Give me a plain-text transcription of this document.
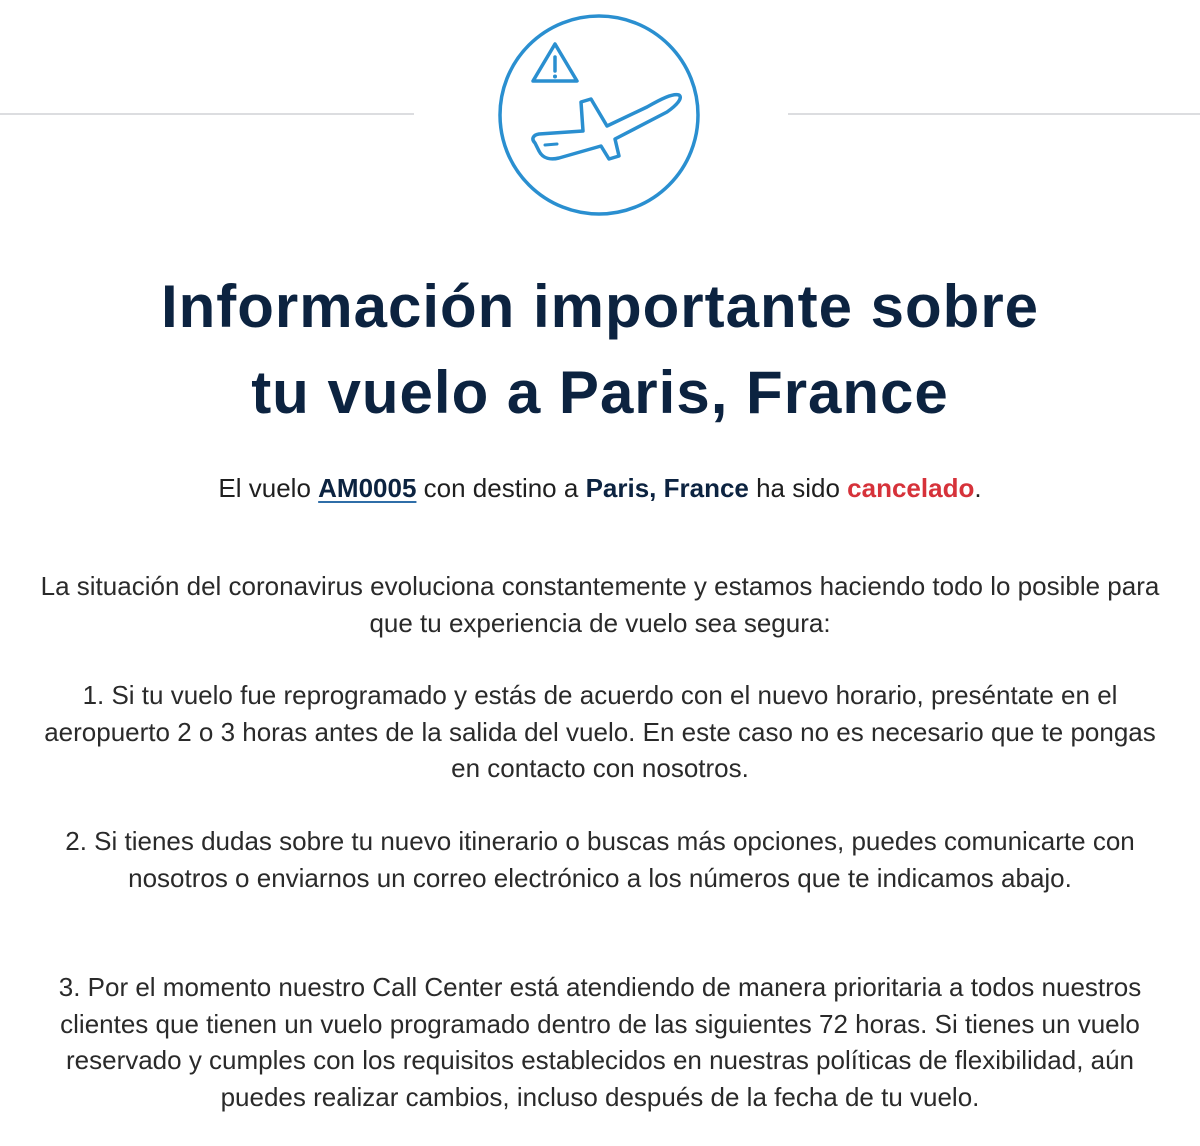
Información importante sobre
tu vuelo a Paris, France

El vuelo AM0005 con destino a Paris, France ha sido cancelado.

La situación del coronavirus evoluciona constantemente y estamos haciendo todo lo posible para que tu experiencia de vuelo sea segura:

1. Si tu vuelo fue reprogramado y estás de acuerdo con el nuevo horario, preséntate en el aeropuerto 2 o 3 horas antes de la salida del vuelo. En este caso no es necesario que te pongas en contacto con nosotros.

2. Si tienes dudas sobre tu nuevo itinerario o buscas más opciones, puedes comunicarte con nosotros o enviarnos un correo electrónico a los números que te indicamos abajo.

3. Por el momento nuestro Call Center está atendiendo de manera prioritaria a todos nuestros clientes que tienen un vuelo programado dentro de las siguientes 72 horas. Si tienes un vuelo reservado y cumples con los requisitos establecidos en nuestras políticas de flexibilidad, aún puedes realizar cambios, incluso después de la fecha de tu vuelo.
